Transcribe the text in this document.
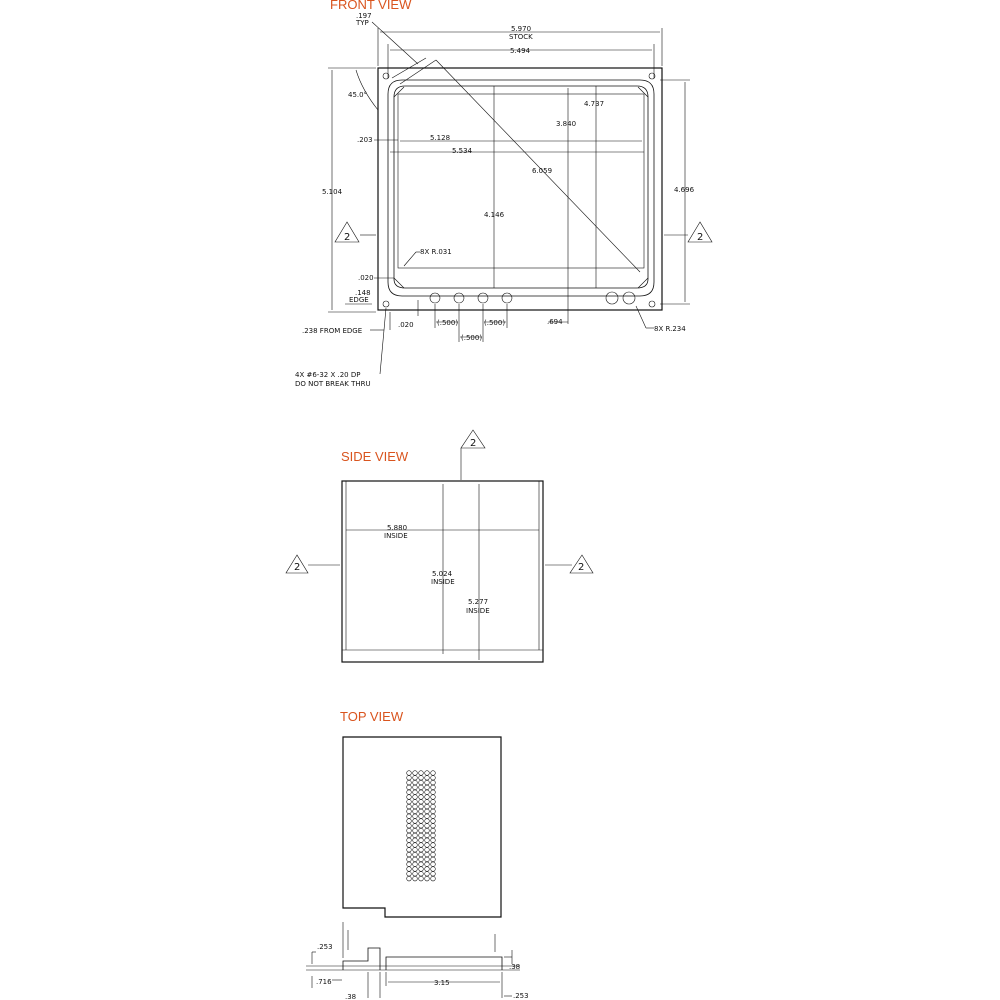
FRONT VIEW
5.970
STOCK
5.494
.197
TYP
45.0°
.203	5.128
5.534
6.059
4.146
3.840
4.737
5.104	4.696
8X R.031
.020
.148
EDGE
.238 FROM EDGE
.020	(.500)	(.500)
(.500)
.694
8X R.234
4X #6-32 X .20 DP
DO NOT BREAK THRU
2	2
SIDE VIEW
5.880
INSIDE
5.024
INSIDE
5.277
INSIDE
2
2	2
TOP VIEW
.253
.716
.38
3.15
.38
.253
